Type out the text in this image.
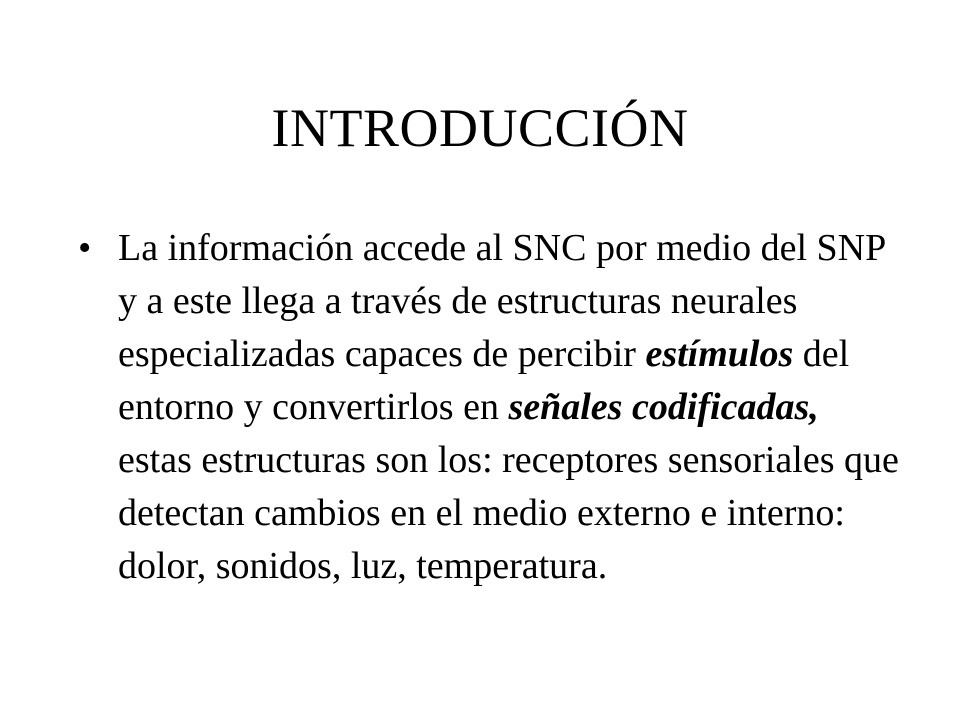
INTRODUCCIÓN
• La información accede al SNC por medio del SNP y a este llega a través de estructuras neurales especializadas capaces de percibir estímulos del entorno y convertirlos en señales codificadas, estas estructuras son los: receptores sensoriales que detectan cambios en el medio externo e interno: dolor, sonidos, luz, temperatura.
